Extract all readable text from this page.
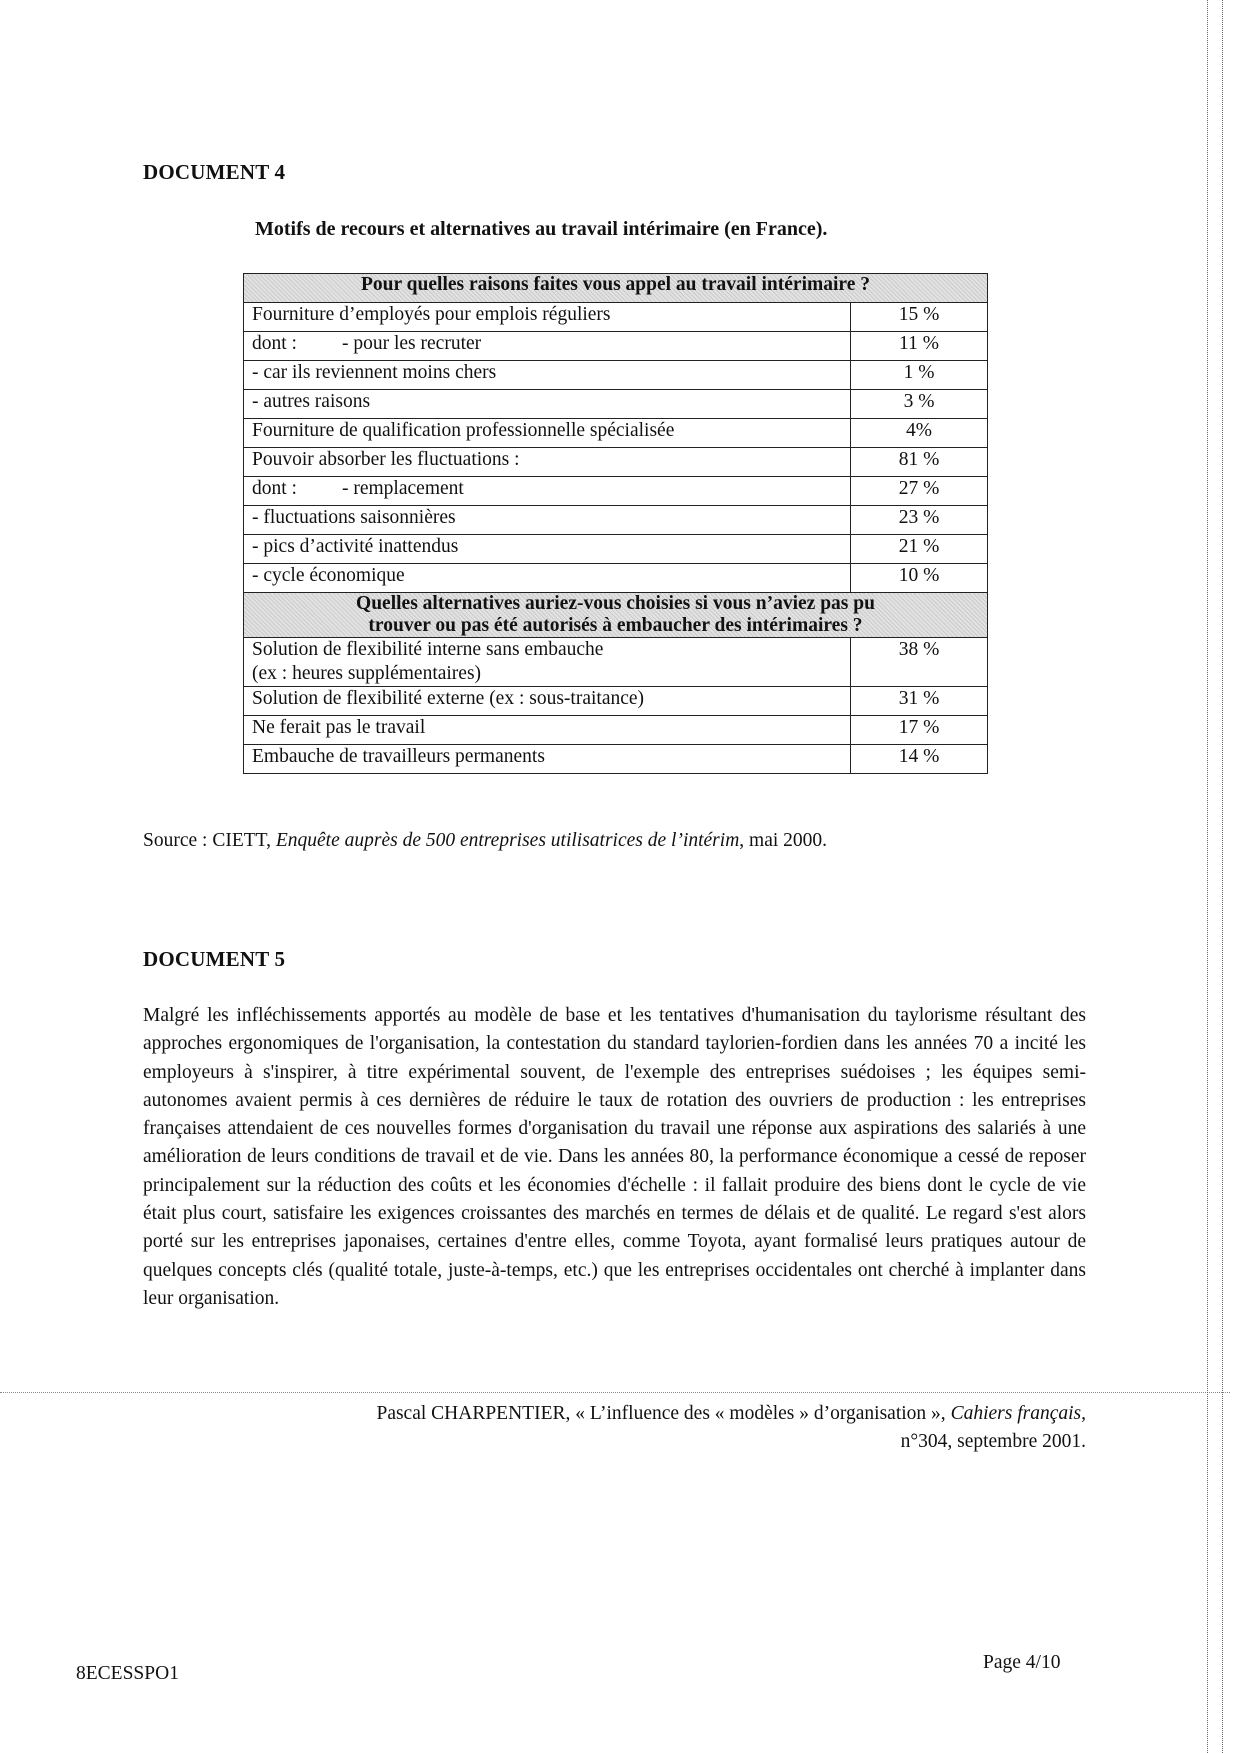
DOCUMENT 4
Motifs de recours et alternatives au travail intérimaire (en France).
Pour quelles raisons faites vous appel au travail intérimaire ?	
Fourniture d’employés pour emplois réguliers	15 %
dont : - pour les recruter	11 %
- car ils reviennent moins chers	1 %
- autres raisons	3 %
Fourniture de qualification professionnelle spécialisée	4%
Pouvoir absorber les fluctuations :	81 %
dont : - remplacement	27 %
- fluctuations saisonnières	23 %
- pics d’activité inattendus	21 %
- cycle économique	10 %

Quelles alternatives auriez-vous choisies si vous n’aviez pas pu
trouver ou pas été autorisés à embaucher des intérimaires ?	

Solution de flexibilité interne sans embauche
(ex : heures supplémentaires)	38 %
Solution de flexibilité externe (ex : sous-traitance)	31 %
Ne ferait pas le travail	17 %
Embauche de travailleurs permanents	14 %
Source : CIETT, Enquête auprès de 500 entreprises utilisatrices de l’intérim, mai 2000.
DOCUMENT 5
Malgré les infléchissements apportés au modèle de base et les tentatives d'humanisation du taylorisme résultant des approches ergonomiques de l'organisation, la contestation du standard taylorien-fordien dans les années 70 a incité les employeurs à s'inspirer, à titre expérimental souvent, de l'exemple des entreprises suédoises ; les équipes semi-autonomes avaient permis à ces dernières de réduire le taux de rotation des ouvriers de production : les entreprises françaises attendaient de ces nouvelles formes d'organisation du travail une réponse aux aspirations des salariés à une amélioration de leurs conditions de travail et de vie. Dans les années 80, la performance économique a cessé de reposer principalement sur la réduction des coûts et les économies d'échelle : il fallait produire des biens dont le cycle de vie était plus court, satisfaire les exigences croissantes des marchés en termes de délais et de qualité. Le regard s'est alors porté sur les entreprises japonaises, certaines d'entre elles, comme Toyota, ayant formalisé leurs pratiques autour de quelques concepts clés (qualité totale, juste-à-temps, etc.) que les entreprises occidentales ont cherché à implanter dans leur organisation.
Pascal CHARPENTIER, « L’influence des « modèles » d’organisation », Cahiers français,
n°304, septembre 2001.
8ECESSPO1
Page 4/10
